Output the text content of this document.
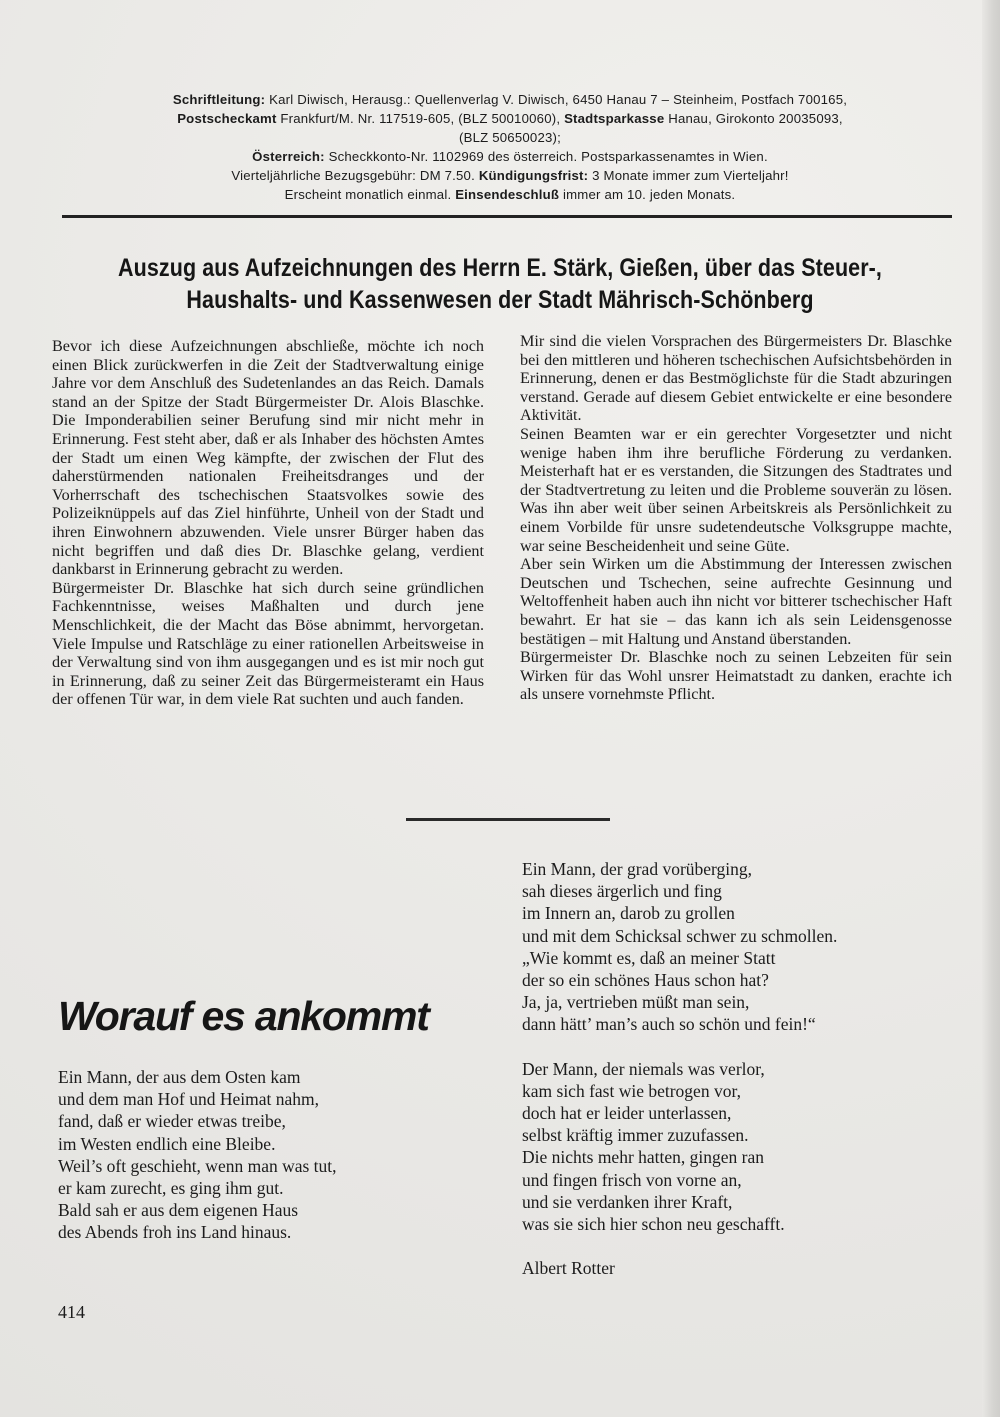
Schriftleitung: Karl Diwisch, Herausg.: Quellenverlag V. Diwisch, 6450 Hanau 7 – Steinheim, Postfach 700165,
Postscheckamt Frankfurt/M. Nr. 117519-605, (BLZ 50010060), Stadtsparkasse Hanau, Girokonto 20035093,
(BLZ 50650023);
Österreich: Scheckkonto-Nr. 1102969 des österreich. Postsparkassenamtes in Wien.
Vierteljährliche Bezugsgebühr: DM 7.50. Kündigungsfrist: 3 Monate immer zum Vierteljahr!
Erscheint monatlich einmal. Einsendeschluß immer am 10. jeden Monats.
Auszug aus Aufzeichnungen des Herrn E. Stärk, Gießen, über das Steuer-,
Haushalts- und Kassenwesen der Stadt Mährisch-Schönberg

Bevor ich diese Aufzeichnungen abschließe, möchte ich noch einen Blick zurückwerfen in die Zeit der Stadtverwaltung einige Jahre vor dem Anschluß des Sudetenlandes an das Reich. Damals stand an der Spitze der Stadt Bürgermeister Dr. Alois Blaschke. Die Imponderabilien seiner Berufung sind mir nicht mehr in Erinnerung. Fest steht aber, daß er als Inhaber des höchsten Amtes der Stadt um einen Weg kämpfte, der zwischen der Flut des daherstürmenden nationalen Freiheitsdranges und der Vorherrschaft des tschechischen Staatsvolkes sowie des Polizeiknüppels auf das Ziel hinführte, Unheil von der Stadt und ihren Einwohnern abzuwenden. Viele unsrer Bürger haben das nicht begriffen und daß dies Dr. Blaschke gelang, verdient dankbarst in Erinnerung gebracht zu werden.

Bürgermeister Dr. Blaschke hat sich durch seine gründlichen Fachkenntnisse, weises Maßhalten und durch jene Menschlichkeit, die der Macht das Böse abnimmt, hervorgetan. Viele Impulse und Ratschläge zu einer rationellen Arbeitsweise in der Verwaltung sind von ihm ausgegangen und es ist mir noch gut in Erinnerung, daß zu seiner Zeit das Bürgermeisteramt ein Haus der offenen Tür war, in dem viele Rat suchten und auch fanden.

Mir sind die vielen Vorsprachen des Bürgermeisters Dr. Blaschke bei den mittleren und höheren tschechischen Aufsichtsbehörden in Erinnerung, denen er das Bestmöglichste für die Stadt abzuringen verstand. Gerade auf diesem Gebiet entwickelte er eine besondere Aktivität.

Seinen Beamten war er ein gerechter Vorgesetzter und nicht wenige haben ihm ihre berufliche Förderung zu verdanken. Meisterhaft hat er es verstanden, die Sitzungen des Stadtrates und der Stadtvertretung zu leiten und die Probleme souverän zu lösen. Was ihn aber weit über seinen Arbeitskreis als Persönlichkeit zu einem Vorbilde für unsre sudetendeutsche Volksgruppe machte, war seine Bescheidenheit und seine Güte.

Aber sein Wirken um die Abstimmung der Interessen zwischen Deutschen und Tschechen, seine aufrechte Gesinnung und Weltoffenheit haben auch ihn nicht vor bitterer tschechischer Haft bewahrt. Er hat sie – das kann ich als sein Leidensgenosse bestätigen – mit Haltung und Anstand überstanden.

Bürgermeister Dr. Blaschke noch zu seinen Lebzeiten für sein Wirken für das Wohl unsrer Heimatstadt zu danken, erachte ich als unsere vornehmste Pflicht.

Worauf es ankommt
Ein Mann, der aus dem Osten kam
und dem man Hof und Heimat nahm,
fand, daß er wieder etwas treibe,
im Westen endlich eine Bleibe.
Weil’s oft geschieht, wenn man was tut,
er kam zurecht, es ging ihm gut.
Bald sah er aus dem eigenen Haus
des Abends froh ins Land hinaus.
Ein Mann, der grad vorüberging,
sah dieses ärgerlich und fing
im Innern an, darob zu grollen
und mit dem Schicksal schwer zu schmollen.
„Wie kommt es, daß an meiner Statt
der so ein schönes Haus schon hat?
Ja, ja, vertrieben müßt man sein,
dann hätt’ man’s auch so schön und fein!“
Der Mann, der niemals was verlor,
kam sich fast wie betrogen vor,
doch hat er leider unterlassen,
selbst kräftig immer zuzufassen.
Die nichts mehr hatten, gingen ran
und fingen frisch von vorne an,
und sie verdanken ihrer Kraft,
was sie sich hier schon neu geschafft.
Albert Rotter
414
